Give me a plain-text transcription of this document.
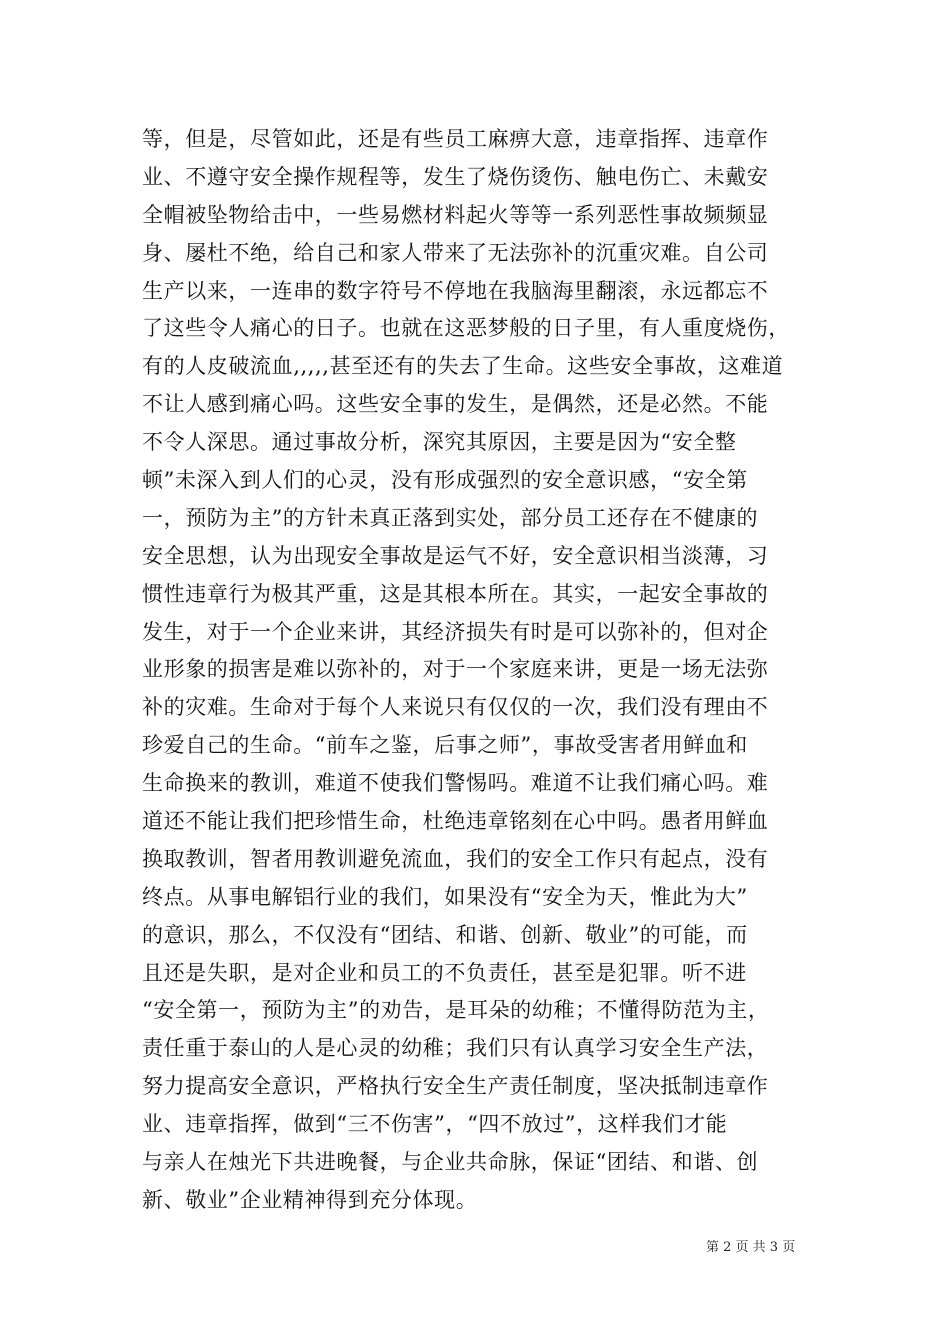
等，但是，尽管如此，还是有些员工麻痹大意，违章指挥、违章作
业、不遵守安全操作规程等，发生了烧伤烫伤、触电伤亡、未戴安
全帽被坠物给击中，一些易燃材料起火等等一系列恶性事故频频显
身、屡杜不绝，给自己和家人带来了无法弥补的沉重灾难。自公司
生产以来，一连串的数字符号不停地在我脑海里翻滚，永远都忘不
了这些令人痛心的日子。也就在这恶梦般的日子里，有人重度烧伤，
有的人皮破流血,,,,,甚至还有的失去了生命。这些安全事故，这难道
不让人感到痛心吗。这些安全事的发生，是偶然，还是必然。不能
不令人深思。通过事故分析，深究其原因，主要是因为“安全整
顿”未深入到人们的心灵，没有形成强烈的安全意识感，“安全第
一，预防为主”的方针未真正落到实处，部分员工还存在不健康的
安全思想，认为出现安全事故是运气不好，安全意识相当淡薄，习
惯性违章行为极其严重，这是其根本所在。其实，一起安全事故的
发生，对于一个企业来讲，其经济损失有时是可以弥补的，但对企
业形象的损害是难以弥补的，对于一个家庭来讲，更是一场无法弥
补的灾难。生命对于每个人来说只有仅仅的一次，我们没有理由不
珍爱自己的生命。“前车之鉴，后事之师”，事故受害者用鲜血和
生命换来的教训，难道不使我们警惕吗。难道不让我们痛心吗。难
道还不能让我们把珍惜生命，杜绝违章铭刻在心中吗。愚者用鲜血
换取教训，智者用教训避免流血，我们的安全工作只有起点，没有
终点。从事电解铝行业的我们，如果没有“安全为天，惟此为大”
的意识，那么，不仅没有“团结、和谐、创新、敬业”的可能，而
且还是失职，是对企业和员工的不负责任，甚至是犯罪。听不进
“安全第一，预防为主”的劝告，是耳朵的幼稚；不懂得防范为主，
责任重于泰山的人是心灵的幼稚；我们只有认真学习安全生产法，
努力提高安全意识，严格执行安全生产责任制度，坚决抵制违章作
业、违章指挥，做到“三不伤害”，“四不放过”，这样我们才能
与亲人在烛光下共进晚餐，与企业共命脉，保证“团结、和谐、创
新、敬业”企业精神得到充分体现。
第 2 页 共 3 页
